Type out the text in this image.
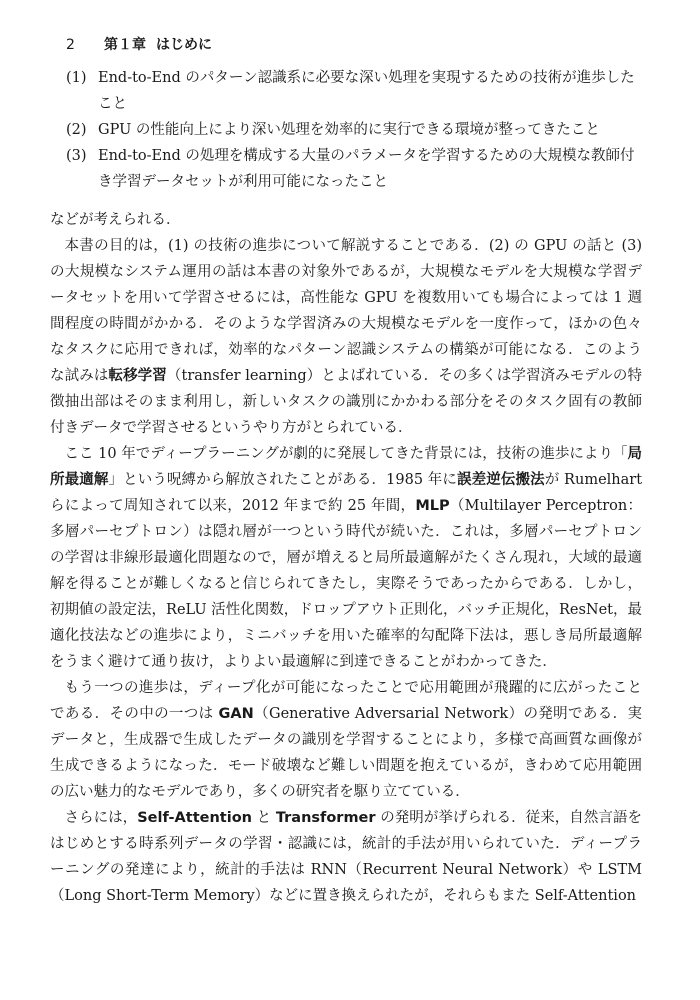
2 第１章 はじめに
(1) End-to-End のパターン認識系に必要な深い処理を実現するための技術が進歩したこと
(2) GPU の性能向上により深い処理を効率的に実行できる環境が整ってきたこと
(3) End-to-End の処理を構成する大量のパラメータを学習するための大規模な教師付き学習データセットが利用可能になったこと

などが考えられる．

本書の目的は，(1) の技術の進歩について解説することである．(2) の GPU の話と (3) の大規模なシステム運用の話は本書の対象外であるが，大規模なモデルを大規模な学習データセットを用いて学習させるには，高性能な GPU を複数用いても場合によっては 1 週間程度の時間がかかる．そのような学習済みの大規模なモデルを一度作って，ほかの色々なタスクに応用できれば，効率的なパターン認識システムの構築が可能になる．このような試みは転移学習（transfer learning）とよばれている．その多くは学習済みモデルの特徴抽出部はそのまま利用し，新しいタスクの識別にかかわる部分をそのタスク固有の教師付きデータで学習させるというやり方がとられている．

ここ 10 年でディープラーニングが劇的に発展してきた背景には，技術の進歩により「局所最適解」という呪縛から解放されたことがある．1985 年に誤差逆伝搬法が Rumelhart らによって周知されて以来，2012 年まで約 25 年間，MLP（Multilayer Perceptron：多層パーセプトロン）は隠れ層が一つという時代が続いた．これは，多層パーセプトロンの学習は非線形最適化問題なので，層が増えると局所最適解がたくさん現れ，大域的最適解を得ることが難しくなると信じられてきたし，実際そうであったからである．しかし，初期値の設定法，ReLU 活性化関数，ドロップアウト正則化，バッチ正規化，ResNet，最適化技法などの進歩により，ミニバッチを用いた確率的勾配降下法は，悪しき局所最適解をうまく避けて通り抜け，よりよい最適解に到達できることがわかってきた．

もう一つの進歩は，ディープ化が可能になったことで応用範囲が飛躍的に広がったことである．その中の一つは GAN（Generative Adversarial Network）の発明である．実データと，生成器で生成したデータの識別を学習することにより，多様で高画質な画像が生成できるようになった．モード破壊など難しい問題を抱えているが，きわめて応用範囲の広い魅力的なモデルであり，多くの研究者を駆り立てている．

さらには，Self-Attention と Transformer の発明が挙げられる．従来，自然言語をはじめとする時系列データの学習・認識には，統計的手法が用いられていた．ディープラーニングの発達により，統計的手法は RNN（Recurrent Neural Network）や LSTM（Long Short-Term Memory）などに置き換えられたが，それらもまた Self-Attention
